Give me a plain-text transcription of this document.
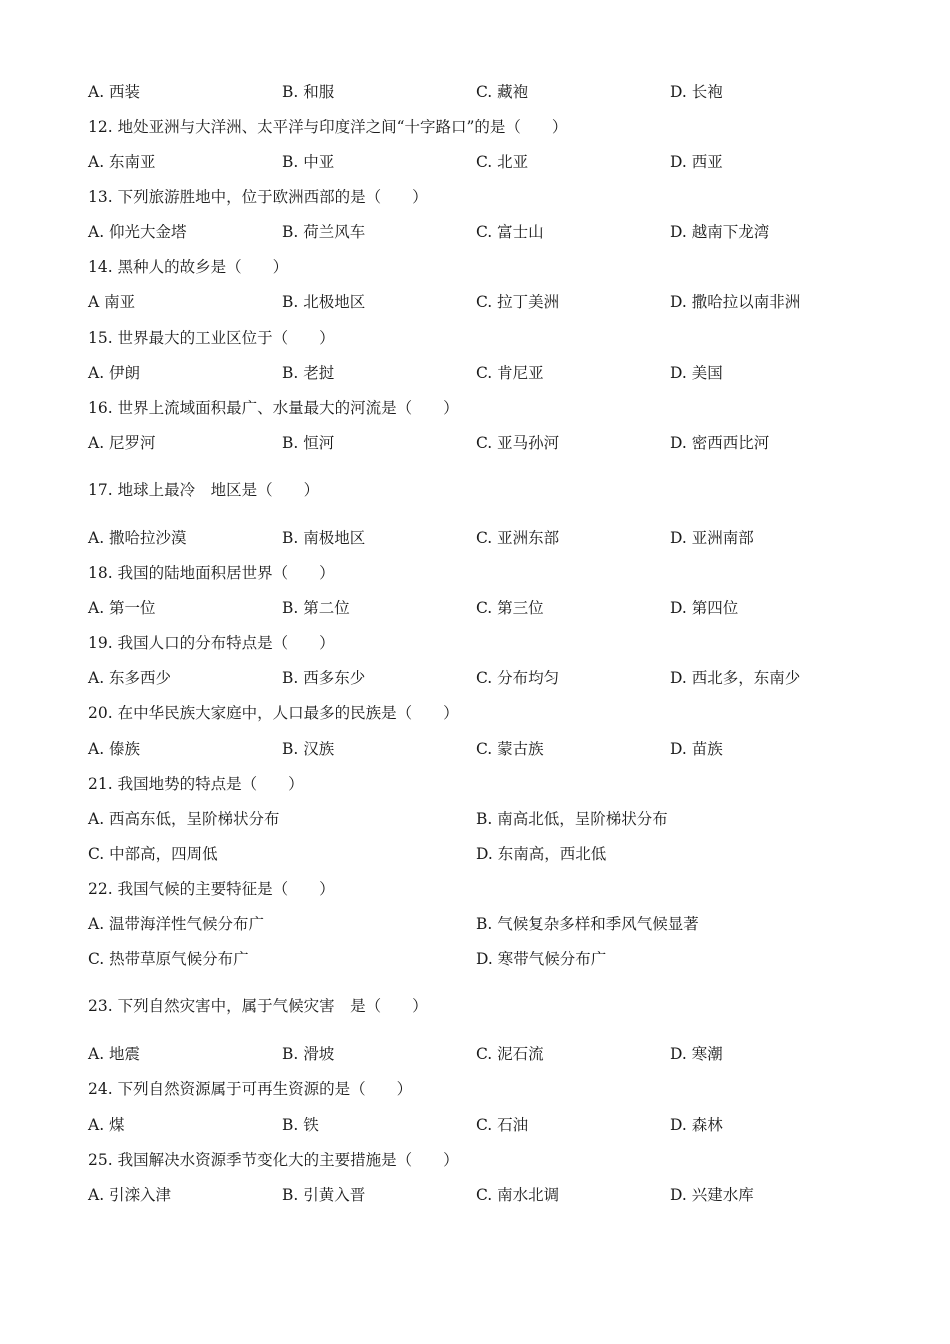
A. 西装	B. 和服	C. 藏袍	D. 长袍
12. 地处亚洲与大洋洲、太平洋与印度洋之间“十字路口”的是（　　）
A. 东南亚	B. 中亚	C. 北亚	D. 西亚
13. 下列旅游胜地中，位于欧洲西部的是（　　）
A. 仰光大金塔	B. 荷兰风车	C. 富士山	D. 越南下龙湾
14. 黑种人的故乡是（　　）
A 南亚	B. 北极地区	C. 拉丁美洲	D. 撒哈拉以南非洲
15. 世界最大的工业区位于（　　）
A. 伊朗	B. 老挝	C. 肯尼亚	D. 美国
16. 世界上流域面积最广、水量最大的河流是（　　）
A. 尼罗河	B. 恒河	C. 亚马孙河	D. 密西西比河
17. 地球上最冷　地区是（　　）
A. 撒哈拉沙漠	B. 南极地区	C. 亚洲东部	D. 亚洲南部
18. 我国的陆地面积居世界（　　）
A. 第一位	B. 第二位	C. 第三位	D. 第四位
19. 我国人口的分布特点是（　　）
A. 东多西少	B. 西多东少	C. 分布均匀	D. 西北多，东南少
20. 在中华民族大家庭中，人口最多的民族是（　　）
A. 傣族	B. 汉族	C. 蒙古族	D. 苗族
21. 我国地势的特点是（　　）
A. 西高东低，呈阶梯状分布	B. 南高北低，呈阶梯状分布
C. 中部高，四周低	D. 东南高，西北低
22. 我国气候的主要特征是（　　）
A. 温带海洋性气候分布广	B. 气候复杂多样和季风气候显著
C. 热带草原气候分布广	D. 寒带气候分布广
23. 下列自然灾害中，属于气候灾害　是（　　）
A. 地震	B. 滑坡	C. 泥石流	D. 寒潮
24. 下列自然资源属于可再生资源的是（　　）
A. 煤	B. 铁	C. 石油	D. 森林
25. 我国解决水资源季节变化大的主要措施是（　　）
A. 引滦入津	B. 引黄入晋	C. 南水北调	D. 兴建水库
